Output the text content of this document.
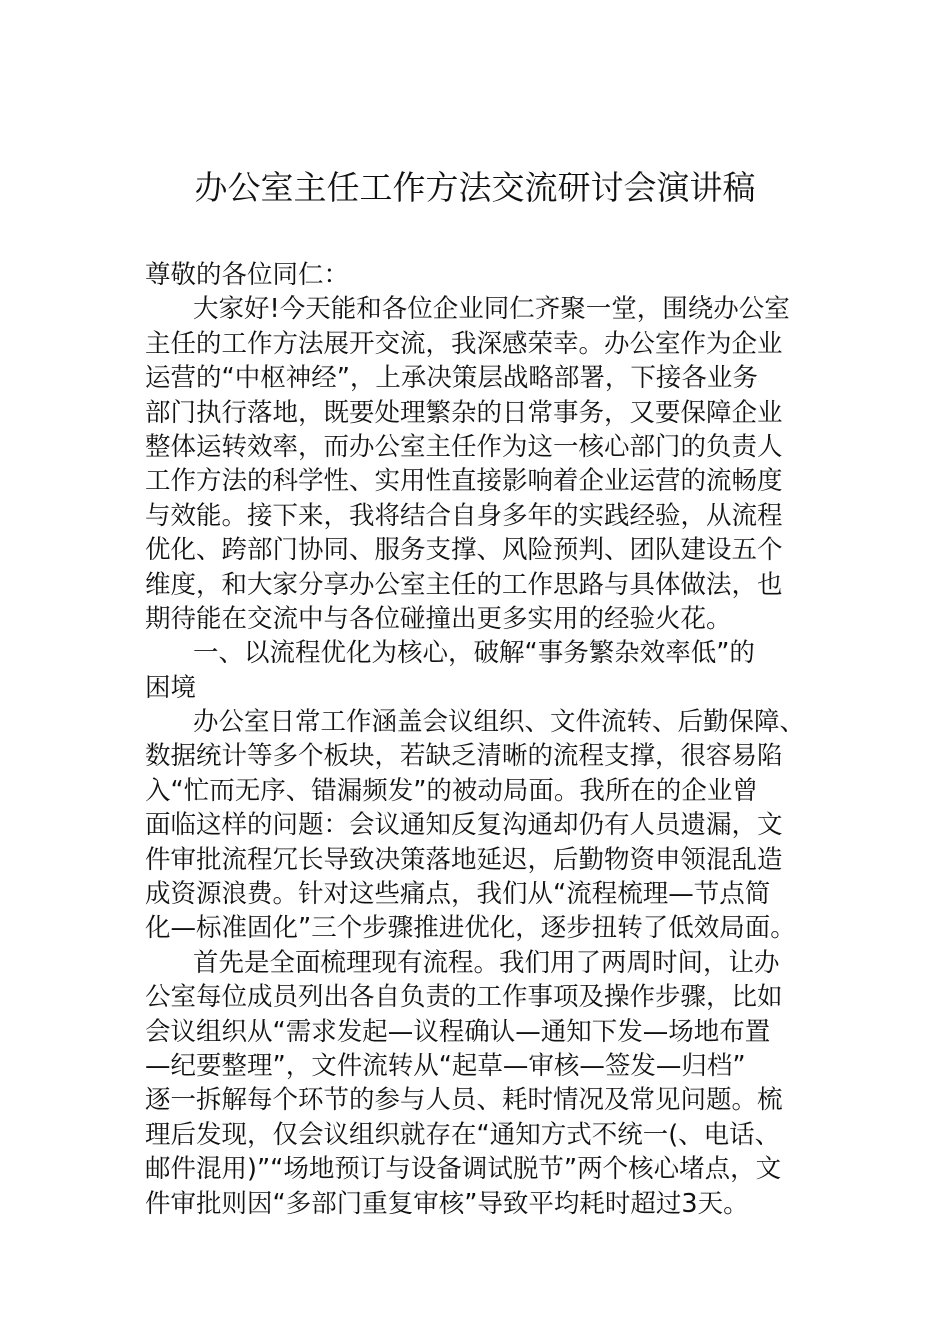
办公室主任工作方法交流研讨会演讲稿
尊敬的各位同仁：
大家好!今天能和各位企业同仁齐聚一堂，围绕办公室
主任的工作方法展开交流，我深感荣幸。办公室作为企业
运营的“中枢神经”，上承决策层战略部署，下接各业务
部门执行落地，既要处理繁杂的日常事务，又要保障企业
整体运转效率，而办公室主任作为这一核心部门的负责人
工作方法的科学性、实用性直接影响着企业运营的流畅度
与效能。接下来，我将结合自身多年的实践经验，从流程
优化、跨部门协同、服务支撑、风险预判、团队建设五个
维度，和大家分享办公室主任的工作思路与具体做法，也
期待能在交流中与各位碰撞出更多实用的经验火花。
一、以流程优化为核心，破解“事务繁杂效率低”的
困境
办公室日常工作涵盖会议组织、文件流转、后勤保障、
数据统计等多个板块，若缺乏清晰的流程支撑，很容易陷
入“忙而无序、错漏频发”的被动局面。我所在的企业曾
面临这样的问题：会议通知反复沟通却仍有人员遗漏，文
件审批流程冗长导致决策落地延迟，后勤物资申领混乱造
成资源浪费。针对这些痛点，我们从“流程梳理—节点简
化—标准固化”三个步骤推进优化，逐步扭转了低效局面。
首先是全面梳理现有流程。我们用了两周时间，让办
公室每位成员列出各自负责的工作事项及操作步骤，比如
会议组织从“需求发起—议程确认—通知下发—场地布置
—纪要整理”，文件流转从“起草—审核—签发—归档”
逐一拆解每个环节的参与人员、耗时情况及常见问题。梳
理后发现，仅会议组织就存在“通知方式不统一(、电话、
邮件混用)”“场地预订与设备调试脱节”两个核心堵点，文
件审批则因“多部门重复审核”导致平均耗时超过3天。
